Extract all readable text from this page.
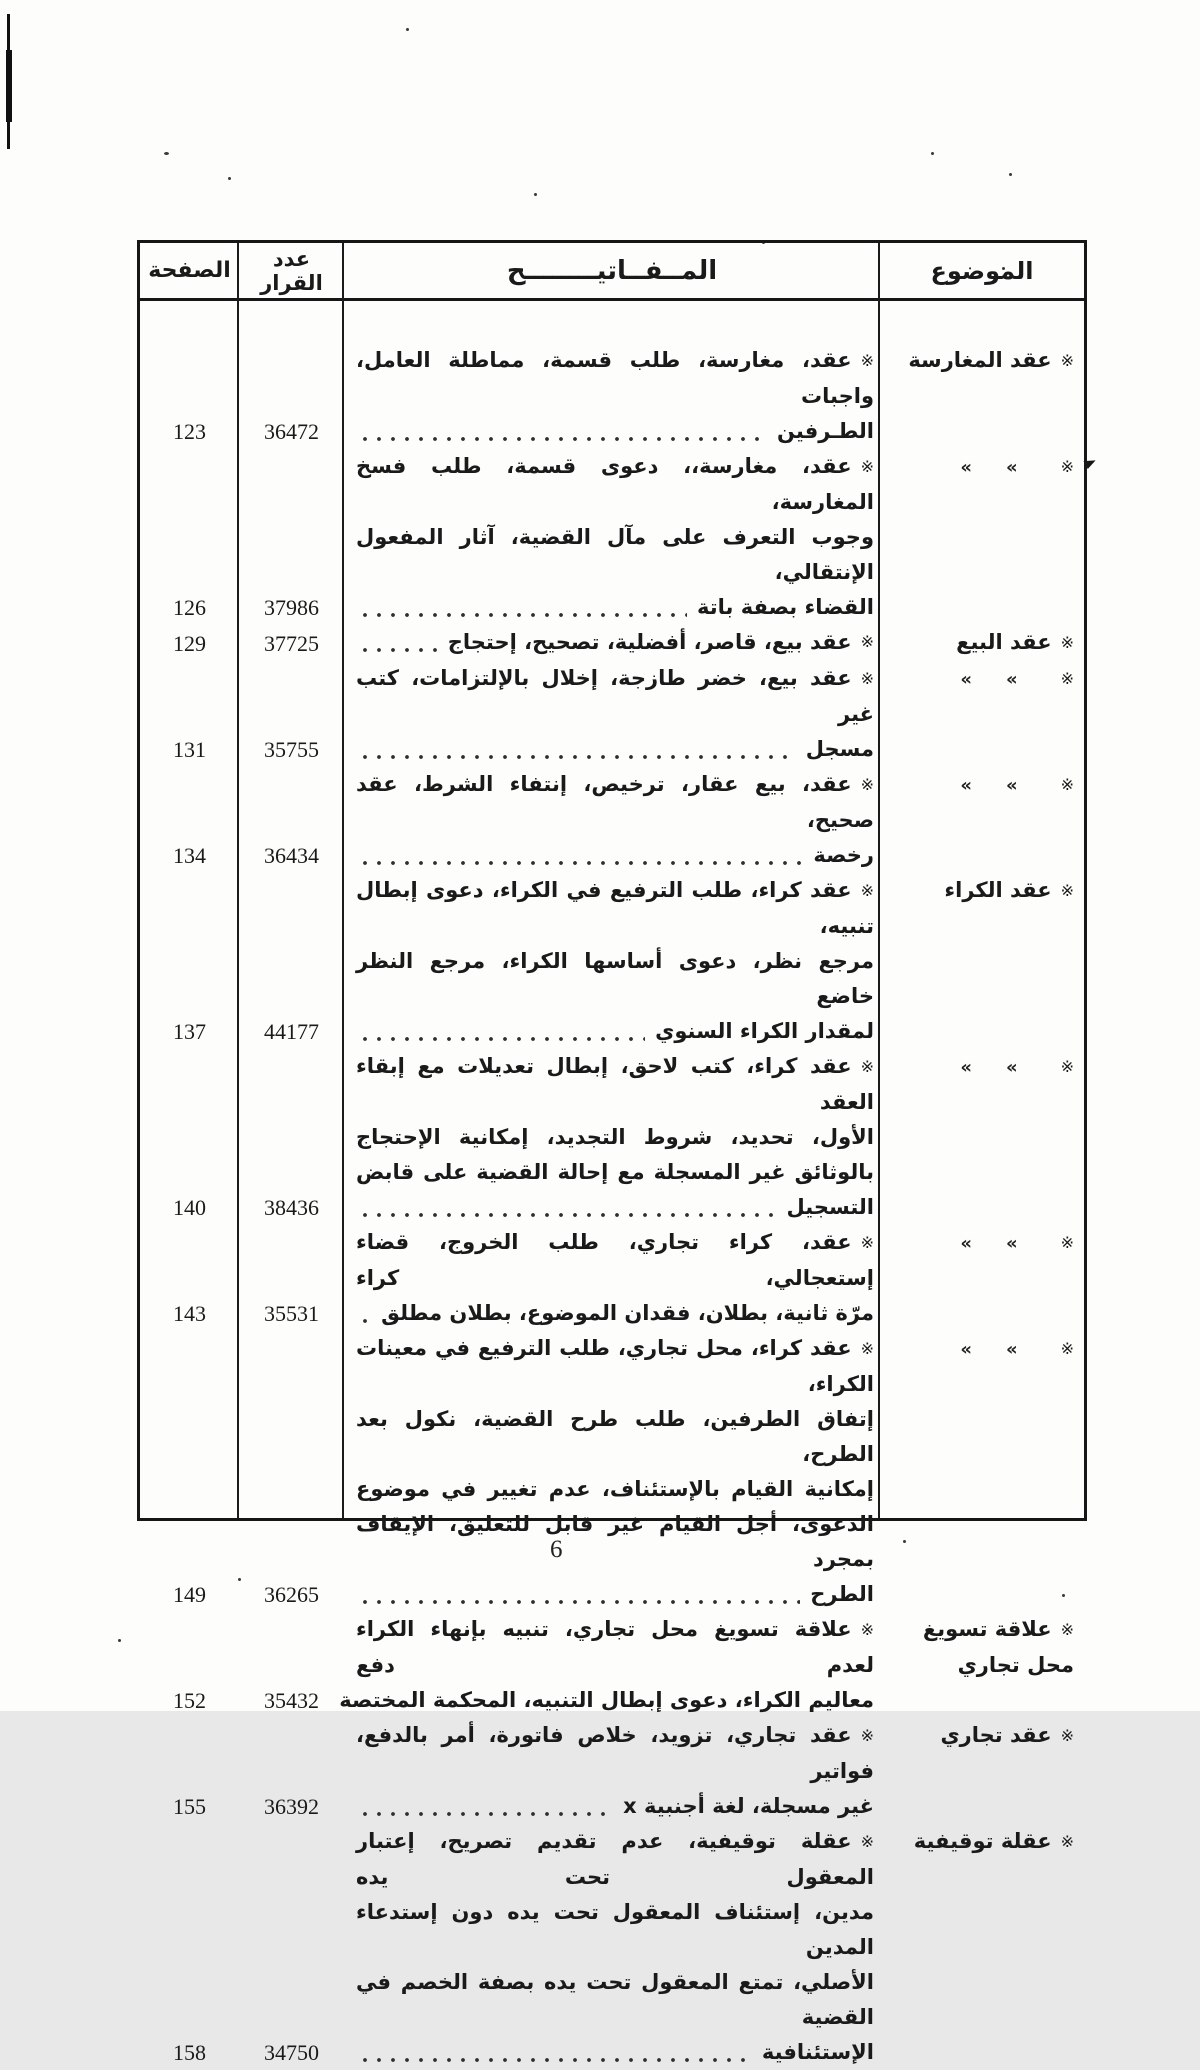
الموضوع
المــفــاتيــــــــح
عدد القرار
الصفحة
※عقد المغارسة
※عقد، مغارسة، طلب قسمة، مماطلة العامل، واجبات
الطـرفين
36472
123
※»»
※عقد، مغارسة،، دعوى قسمة، طلب فسخ المغارسة،
وجوب التعرف على مآل القضية، آثار المفعول الإنتقالي،
القضاء بصفة باتة
37986
126
※عقد البيع
※
عقد بيع، قاصر، أفضلية، تصحيح، إحتجاج
37725
129
※»»
※عقد بيع، خضر طازجة، إخلال بالإلتزامات، كتب غير
مسجل
35755
131
※»»
※عقد، بيع عقار، ترخيص، إنتفاء الشرط، عقد صحيح،
رخصة
36434
134
※عقد الكراء
※عقد كراء، طلب الترفيع في الكراء، دعوى إبطال تنبيه،
مرجع نظر، دعوى أساسها الكراء، مرجع النظر خاضع
لمقدار الكراء السنوي
44177
137
※»»
※عقد كراء، كتب لاحق، إبطال تعديلات مع إبقاء العقد
الأول، تحديد، شروط التجديد، إمكانية الإحتجاج
بالوثائق غير المسجلة مع إحالة القضية على قابض
التسجيل
38436
140
※»»
※عقد، كراء تجاري، طلب الخروج، قضاء إستعجالي، كراء
مرّة ثانية، بطلان، فقدان الموضوع، بطلان مطلق
35531
143
※»»
※عقد كراء، محل تجاري، طلب الترفيع في معينات الكراء،
إتفاق الطرفين، طلب طرح القضية، نكول بعد الطرح،
إمكانية القيام بالإستئناف، عدم تغيير في موضوع
الدعوى، أجل القيام غير قابل للتعليق، الإيقاف بمجرد
الطرح
36265
149
※علاقة تسويغ محل تجاري
※علاقة تسويغ محل تجاري، تنبيه بإنهاء الكراء لعدم دفع
معاليم الكراء، دعوى إبطال التنبيه، المحكمة المختصة
35432
152
※عقد تجاري
※عقد تجاري، تزويد، خلاص فاتورة، أمر بالدفع، فواتير
غير مسجلة، لغة أجنبية x
36392
155
※عقلة توقيفية
※عقلة توقيفية، عدم تقديم تصريح، إعتبار المعقول تحت يده
مدين، إستئناف المعقول تحت يده دون إستدعاء المدين
الأصلي، تمتع المعقول تحت يده بصفة الخصم في القضية
الإستئنافية
34750
158
6
